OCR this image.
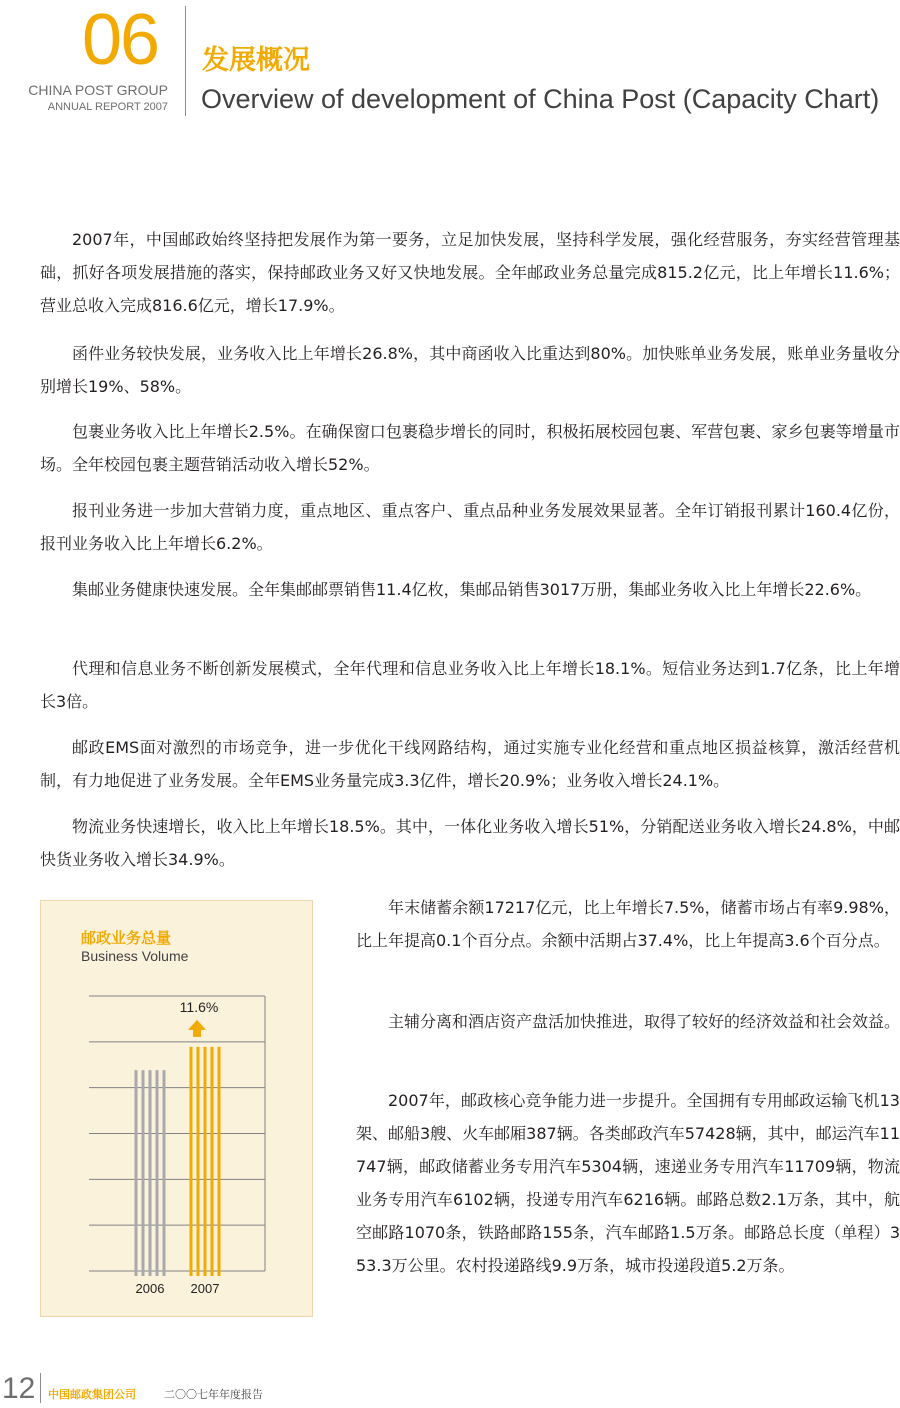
06
CHINA POST GROUP
ANNUAL REPORT 2007
发展概况
Overview of development of China Post (Capacity Chart)

2007年，中国邮政始终坚持把发展作为第一要务，立足加快发展，坚持科学发展，强化经营服务，夯实经营管理基础，抓好各项发展措施的落实，保持邮政业务又好又快地发展。全年邮政业务总量完成815.2亿元，比上年增长11.6%；营业总收入完成816.6亿元，增长17.9%。

函件业务较快发展，业务收入比上年增长26.8%，其中商函收入比重达到80%。加快账单业务发展，账单业务量收分别增长19%、58%。

包裹业务收入比上年增长2.5%。在确保窗口包裹稳步增长的同时，积极拓展校园包裹、军营包裹、家乡包裹等增量市场。全年校园包裹主题营销活动收入增长52%。

报刊业务进一步加大营销力度，重点地区、重点客户、重点品种业务发展效果显著。全年订销报刊累计160.4亿份，报刊业务收入比上年增长6.2%。

集邮业务健康快速发展。全年集邮邮票销售11.4亿枚，集邮品销售3017万册，集邮业务收入比上年增长22.6%。

代理和信息业务不断创新发展模式，全年代理和信息业务收入比上年增长18.1%。短信业务达到1.7亿条，比上年增长3倍。

邮政EMS面对激烈的市场竞争，进一步优化干线网路结构，通过实施专业化经营和重点地区损益核算，激活经营机制，有力地促进了业务发展。全年EMS业务量完成3.3亿件，增长20.9%；业务收入增长24.1%。

物流业务快速增长，收入比上年增长18.5%。其中，一体化业务收入增长51%，分销配送业务收入增长24.8%，中邮快货业务收入增长34.9%。

年末储蓄余额17217亿元，比上年增长7.5%，储蓄市场占有率9.98%，比上年提高0.1个百分点。余额中活期占37.4%，比上年提高3.6个百分点。

主辅分离和酒店资产盘活加快推进，取得了较好的经济效益和社会效益。

2007年，邮政核心竞争能力进一步提升。全国拥有专用邮政运输飞机13架、邮船3艘、火车邮厢387辆。各类邮政汽车57428辆，其中，邮运汽车11747辆，邮政储蓄业务专用汽车5304辆，速递业务专用汽车11709辆，物流业务专用汽车6102辆，投递专用汽车6216辆。邮路总数2.1万条，其中，航空邮路1070条，铁路邮路155条，汽车邮路1.5万条。邮路总长度（单程）353.3万公里。农村投递路线9.9万条，城市投递段道5.2万条。

邮政业务总量
Business Volume
2006 2007
11.6%
12 中国邮政集团公司	二〇〇七年年度报告
